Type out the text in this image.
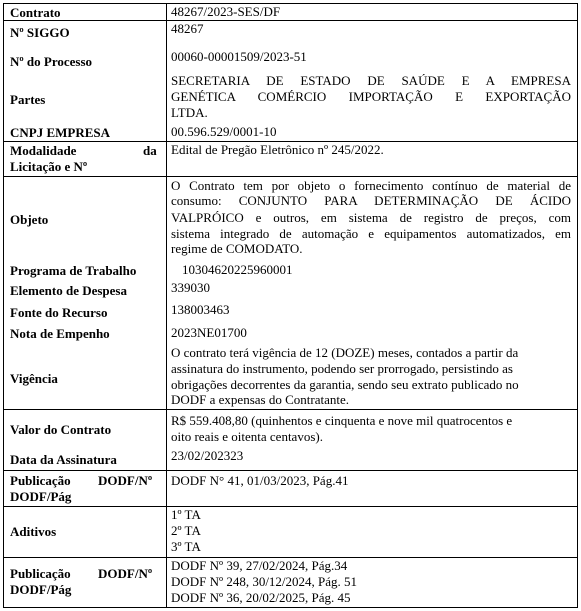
Contrato
Nº SIGGO
Nº do Processo
Partes
CNPJ EMPRESA
Modalidade	da
Licitação e Nº
Objeto
Programa de Trabalho
Elemento de Despesa
Fonte do Recurso
Nota de Empenho
Vigência
Valor do Contrato
Data da Assinatura
Publicação DODF/Nº
DODF/Pág
Aditivos
Publicação DODF/Nº
DODF/Pág
48267/2023-SES/DF
48267
00060-00001509/2023-51
SECRETARIA DE ESTADO DE SAÚDE E A EMPRESA
GENÉTICA COMÉRCIO IMPORTAÇÃO E EXPORTAÇÃO
LTDA.
00.596.529/0001-10
Edital de Pregão Eletrônico nº 245/2022.
O Contrato tem por objeto o fornecimento contínuo de material de
consumo: CONJUNTO PARA DETERMINAÇÃO DE ÁCIDO
VALPRÓICO e outros, em sistema de registro de preços, com
sistema integrado de automação e equipamentos automatizados, em
regime de COMODATO.
10304620225960001
339030
138003463
2023NE01700
O contrato terá vigência de 12 (DOZE) meses, contados a partir da
assinatura do instrumento, podendo ser prorrogado, persistindo as
obrigações decorrentes da garantia, sendo seu extrato publicado no
DODF a expensas do Contratante.
R$ 559.408,80 (quinhentos e cinquenta e nove mil quatrocentos e
oito reais e oitenta centavos).
23/02/202323
DODF N° 41, 01/03/2023, Pág.41
1º TA
2º TA
3º TA
DODF Nº 39, 27/02/2024, Pág.34
DODF Nº 248, 30/12/2024, Pág. 51
DODF Nº 36, 20/02/2025, Pág. 45
